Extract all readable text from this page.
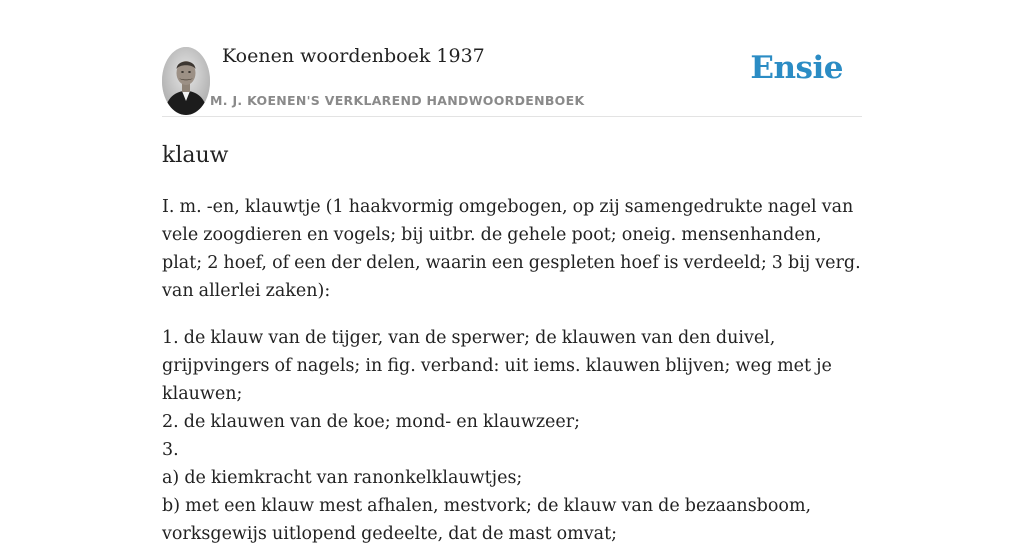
Koenen woordenboek 1937
M. J. KOENEN'S VERKLAREND HANDWOORDENBOEK
Ensie
klauw

I. m. -en, klauwtje (1 haakvormig omgebogen, op zij samengedrukte nagel van vele zoogdieren en vogels; bij uitbr. de gehele poot; oneig. mensenhanden, plat; 2 hoef, of een der delen, waarin een gespleten hoef is verdeeld; 3 bij verg. van allerlei zaken):

1. de klauw van de tijger, van de sperwer; de klauwen van den duivel, grijpvingers of nagels; in fig. verband: uit iems. klauwen blijven; weg met je klauwen;
2. de klauwen van de koe; mond- en klauwzeer;
3.
a) de kiemkracht van ranonkelklauwtjes;
b) met een klauw mest afhalen, mestvork; de klauw van de bezaansboom, vorksgewijs uitlopend gedeelte, dat de mast omvat;
